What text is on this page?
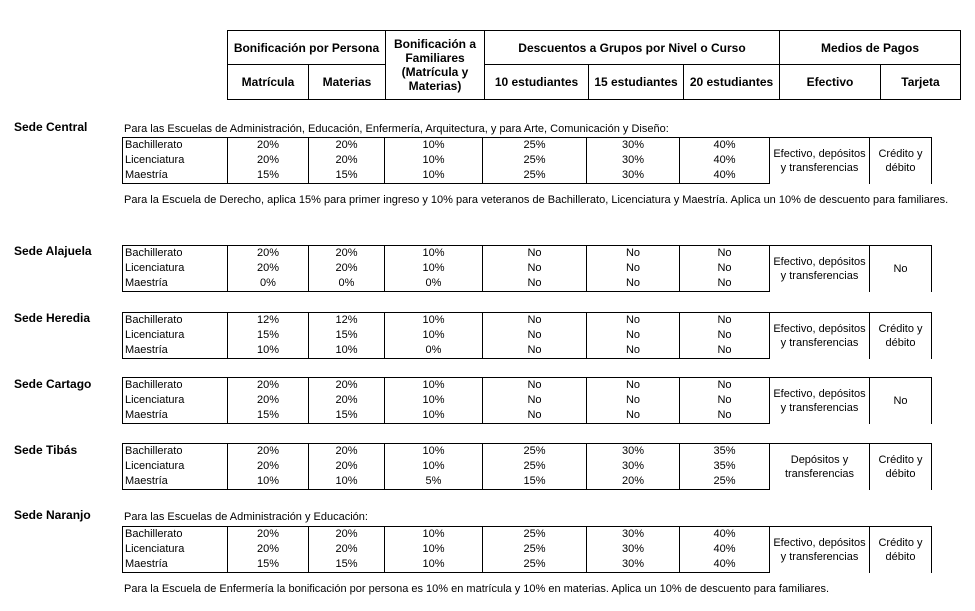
Bonificación por Persona
Matrícula	Materias
Bonificación a Familiares (Matrícula y Materias)
Descuentos a Grupos por Nivel o Curso
10 estudiantes	15 estudiantes	20 estudiantes
Medios de Pagos
Efectivo	Tarjeta
Sede Central	Para las Escuelas de Administración, Educación, Enfermería, Arquitectura, y para Arte, Comunicación y Diseño:
Bachillerato	20%	20%	10%	25%	30%	40%	Efectivo, depósitos y transferencias	Crédito y débito
Licenciatura	20%	20%	10%	25%	30%	40%		
Maestría	15%	15%	10%	25%	30%	40%		
Para la Escuela de Derecho, aplica 15% para primer ingreso y 10% para veteranos de Bachillerato, Licenciatura y Maestría. Aplica un 10% de descuento para familiares.
Sede Alajuela	Bachillerato	20%	20%	10%	No	No	No	Efectivo, depósitos y transferencias	No
Licenciatura	20%	20%	10%	No	No	No		
Maestría	0%	0%	0%	No	No	No		
Sede Heredia	Bachillerato	12%	12%	10%	No	No	No	Efectivo, depósitos y transferencias	Crédito y débito
Licenciatura	15%	15%	10%	No	No	No		
Maestría	10%	10%	0%	No	No	No		
Sede Cartago	Bachillerato	20%	20%	10%	No	No	No	Efectivo, depósitos y transferencias	No
Licenciatura	20%	20%	10%	No	No	No		
Maestría	15%	15%	10%	No	No	No		
Sede Tibás	Bachillerato	20%	20%	10%	25%	30%	35%	Depósitos y transferencias	Crédito y débito
Licenciatura	20%	20%	10%	25%	30%	35%		
Maestría	10%	10%	5%	15%	20%	25%		
Sede Naranjo	Para las Escuelas de Administración y Educación:
Bachillerato	20%	20%	10%	25%	30%	40%	Efectivo, depósitos y transferencias	Crédito y débito
Licenciatura	20%	20%	10%	25%	30%	40%		
Maestría	15%	15%	10%	25%	30%	40%		
Para la Escuela de Enfermería la bonificación por persona es 10% en matrícula y 10% en materias. Aplica un 10% de descuento para familiares.
